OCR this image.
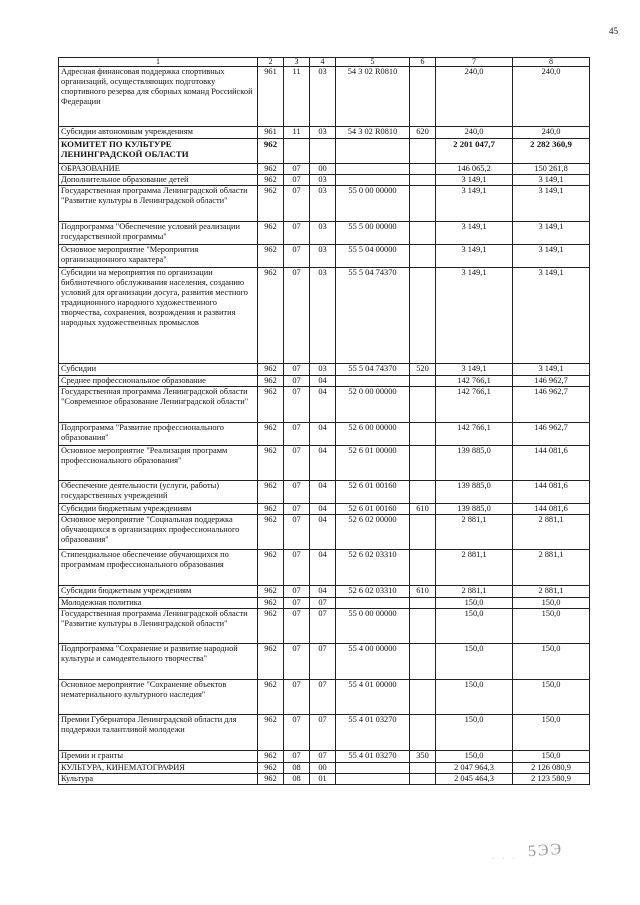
45
1	2	3	4	5	6	7	8
Адресная финансовая поддержка спортивных организаций, осуществляющих подготовку спортивного резерва для сборных команд Российской Федерации	961	11	03	54 3 02 R0810		240,0	240,0
Субсидии автономным учреждениям	961	11	03	54 3 02 R0810	620	240,0	240,0
КОМИТЕТ ПО КУЛЬТУРЕ ЛЕНИНГРАДСКОЙ ОБЛАСТИ	962					2 201 047,7	2 282 360,9
ОБРАЗОВАНИЕ	962	07	00			146 065,2	150 261,8
Дополнительное образование детей	962	07	03			3 149,1	3 149,1
Государственная программа Ленинградской области "Развитие культуры в Ленинградской области"	962	07	03	55 0 00 00000		3 149,1	3 149,1
Подпрограмма "Обеспечение условий реализации государственной программы"	962	07	03	55 5 00 00000		3 149,1	3 149,1
Основное мероприятие "Мероприятия организационного характера"	962	07	03	55 5 04 00000		3 149,1	3 149,1
Субсидии на мероприятия по организации библиотечного обслуживания населения, созданию условий для организации досуга, развития местного традиционного народного художественного творчества, сохранения, возрождения и развития народных художественных промыслов	962	07	03	55 5 04 74370		3 149,1	3 149,1
Субсидии	962	07	03	55 5 04 74370	520	3 149,1	3 149,1
Среднее профессиональное образование	962	07	04			142 766,1	146 962,7
Государственная программа Ленинградской области "Современное образование Ленинградской области"	962	07	04	52 0 00 00000		142 766,1	146 962,7
Подпрограмма "Развитие профессионального образования"	962	07	04	52 6 00 00000		142 766,1	146 962,7
Основное мероприятие "Реализация программ профессионального образования"	962	07	04	52 6 01 00000		139 885,0	144 081,6
Обеспечение деятельности (услуги, работы) государственных учреждений	962	07	04	52 6 01 00160		139 885,0	144 081,6
Субсидии бюджетным учреждениям	962	07	04	52 6 01 00160	610	139 885,0	144 081,6
Основное мероприятие "Социальная поддержка обучающихся в организациях профессионального образования"	962	07	04	52 6 02 00000		2 881,1	2 881,1
Стипендиальное обеспечение обучающихся по программам профессионального образования	962	07	04	52 6 02 03310		2 881,1	2 881,1
Субсидии бюджетным учреждениям	962	07	04	52 6 02 03310	610	2 881,1	2 881,1
Молодежная политика	962	07	07			150,0	150,0
Государственная программа Ленинградской области "Развитие культуры в Ленинградской области"	962	07	07	55 0 00 00000		150,0	150,0
Подпрограмма "Сохранение и развитие народной культуры и самодеятельного творчества"	962	07	07	55 4 00 00000		150,0	150,0
Основное мероприятие "Сохранение объектов нематериального культурного наследия"	962	07	07	55 4 01 00000		150,0	150,0
Премии Губернатора Ленинградской области для поддержки талантливой молодежи	962	07	07	55 4 01 03270		150,0	150,0
Премии и гранты	962	07	07	55 4 01 03270	350	150,0	150,0
КУЛЬТУРА, КИНЕМАТОГРАФИЯ	962	08	00			2 047 964,3	2 126 080,9
Культура	962	08	01			2 045 464,3	2 123 580,9
5ЭЭ
· · ·
